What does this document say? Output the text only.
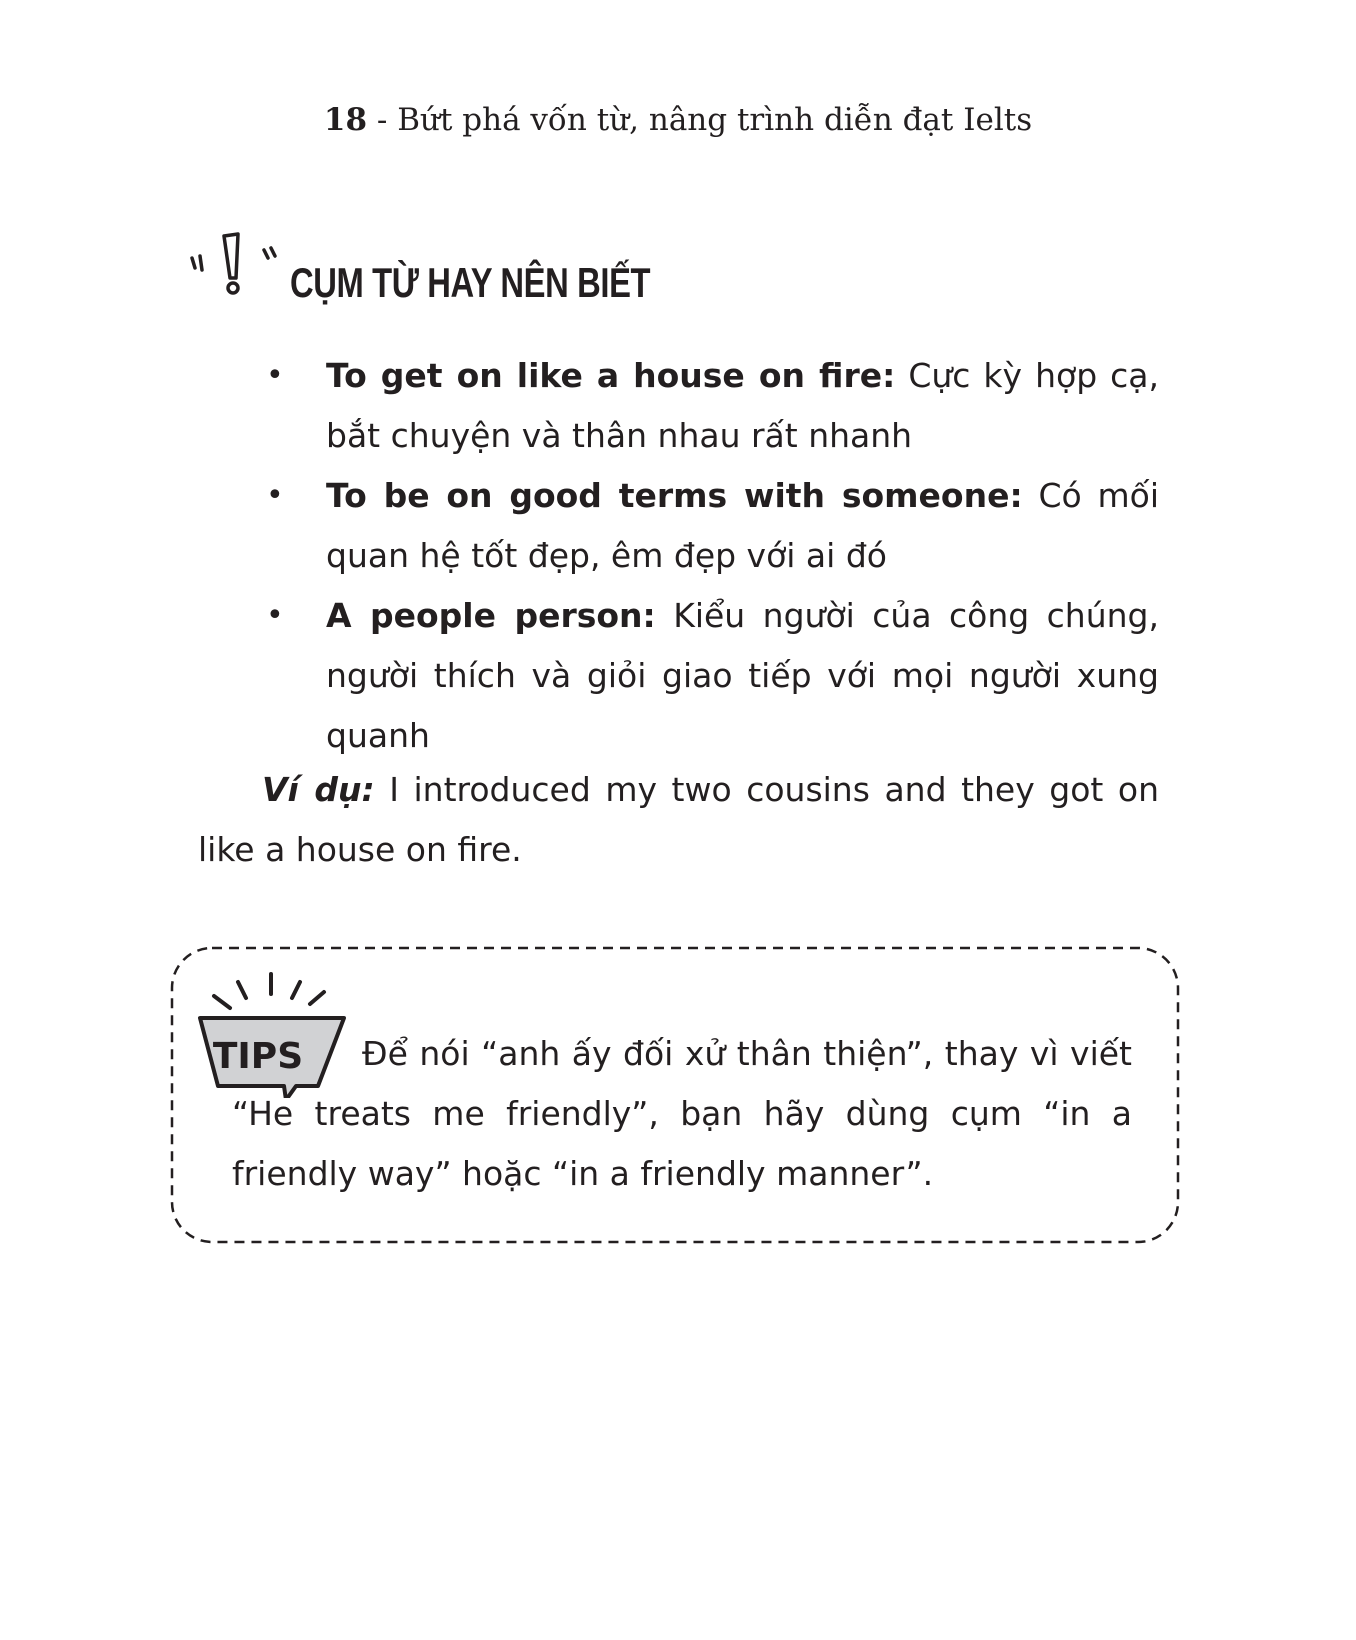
18 - Bứt phá vốn từ, nâng trình diễn đạt Ielts
CỤM TỪ HAY NÊN BIẾT
• To get on like a house on fire: Cực kỳ hợp cạ, bắt chuyện và thân nhau rất nhanh
• To be on good terms with someone: Có mối quan hệ tốt đẹp, êm đẹp với ai đó
• A people person: Kiểu người của công chúng, người thích và giỏi giao tiếp với mọi người xung quanh

Ví dụ: I introduced my two cousins and they got on like a house on fire.

TIPS	Để nói “anh ấy đối xử thân thiện”, thay vì viết “He treats me friendly”, bạn hãy dùng cụm “in a friendly way” hoặc “in a friendly manner”.
